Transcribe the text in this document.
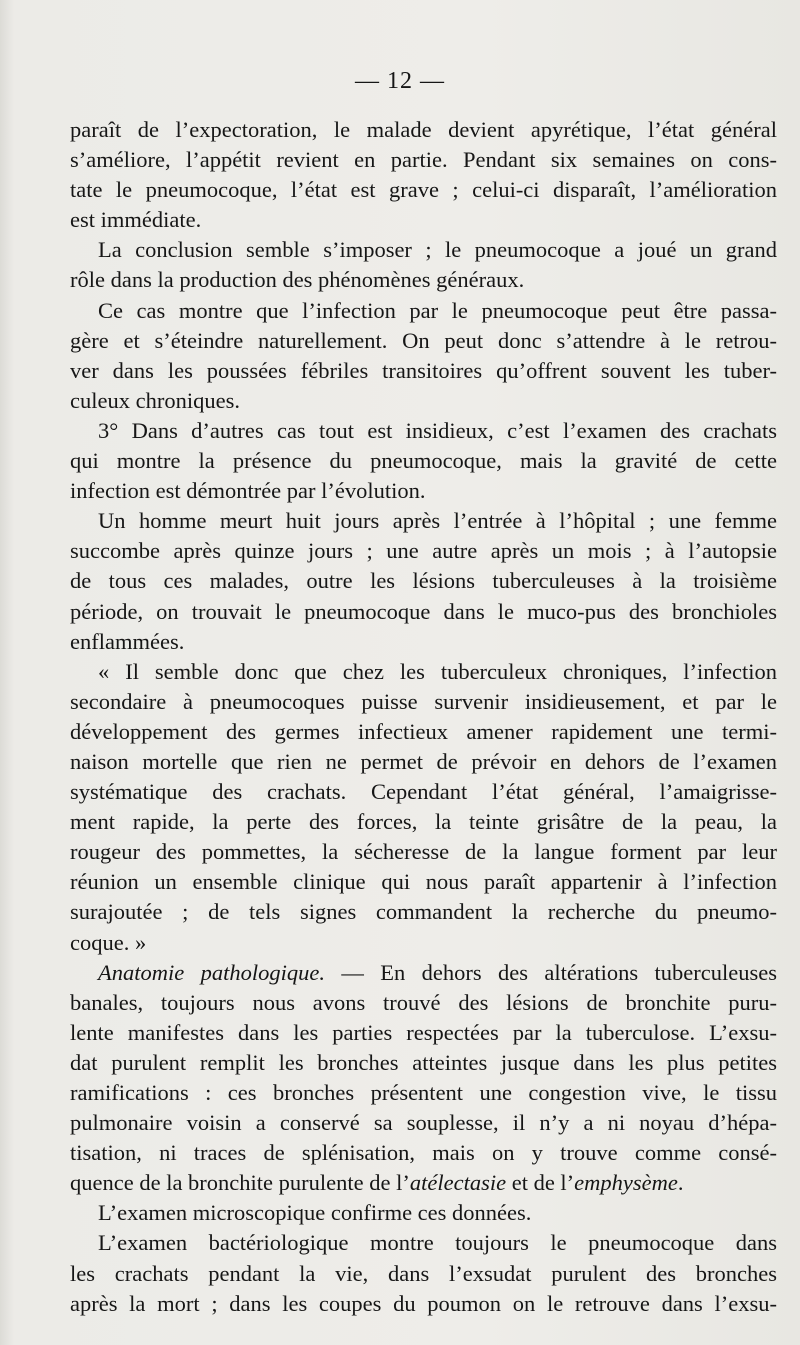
— 12 —
paraît de l’expectoration, le malade devient apyrétique, l’état général
s’améliore, l’appétit revient en partie. Pendant six semaines on cons-
tate le pneumocoque, l’état est grave ; celui-ci disparaît, l’amélioration
est immédiate.
La conclusion semble s’imposer ; le pneumocoque a joué un grand
rôle dans la production des phénomènes généraux.
Ce cas montre que l’infection par le pneumocoque peut être passa-
gère et s’éteindre naturellement. On peut donc s’attendre à le retrou-
ver dans les poussées fébriles transitoires qu’offrent souvent les tuber-
culeux chroniques.
3° Dans d’autres cas tout est insidieux, c’est l’examen des crachats
qui montre la présence du pneumocoque, mais la gravité de cette
infection est démontrée par l’évolution.
Un homme meurt huit jours après l’entrée à l’hôpital ; une femme
succombe après quinze jours ; une autre après un mois ; à l’autopsie
de tous ces malades, outre les lésions tuberculeuses à la troisième
période, on trouvait le pneumocoque dans le muco-pus des bronchioles
enflammées.
« Il semble donc que chez les tuberculeux chroniques, l’infection
secondaire à pneumocoques puisse survenir insidieusement, et par le
développement des germes infectieux amener rapidement une termi-
naison mortelle que rien ne permet de prévoir en dehors de l’examen
systématique des crachats. Cependant l’état général, l’amaigrisse-
ment rapide, la perte des forces, la teinte grisâtre de la peau, la
rougeur des pommettes, la sécheresse de la langue forment par leur
réunion un ensemble clinique qui nous paraît appartenir à l’infection
surajoutée ; de tels signes commandent la recherche du pneumo-
coque. »
Anatomie pathologique. — En dehors des altérations tuberculeuses
banales, toujours nous avons trouvé des lésions de bronchite puru-
lente manifestes dans les parties respectées par la tuberculose. L’exsu-
dat purulent remplit les bronches atteintes jusque dans les plus petites
ramifications : ces bronches présentent une congestion vive, le tissu
pulmonaire voisin a conservé sa souplesse, il n’y a ni noyau d’hépa-
tisation, ni traces de splénisation, mais on y trouve comme consé-
quence de la bronchite purulente de l’atélectasie et de l’emphysème.
L’examen microscopique confirme ces données.
L’examen bactériologique montre toujours le pneumocoque dans
les crachats pendant la vie, dans l’exsudat purulent des bronches
après la mort ; dans les coupes du poumon on le retrouve dans l’exsu-
